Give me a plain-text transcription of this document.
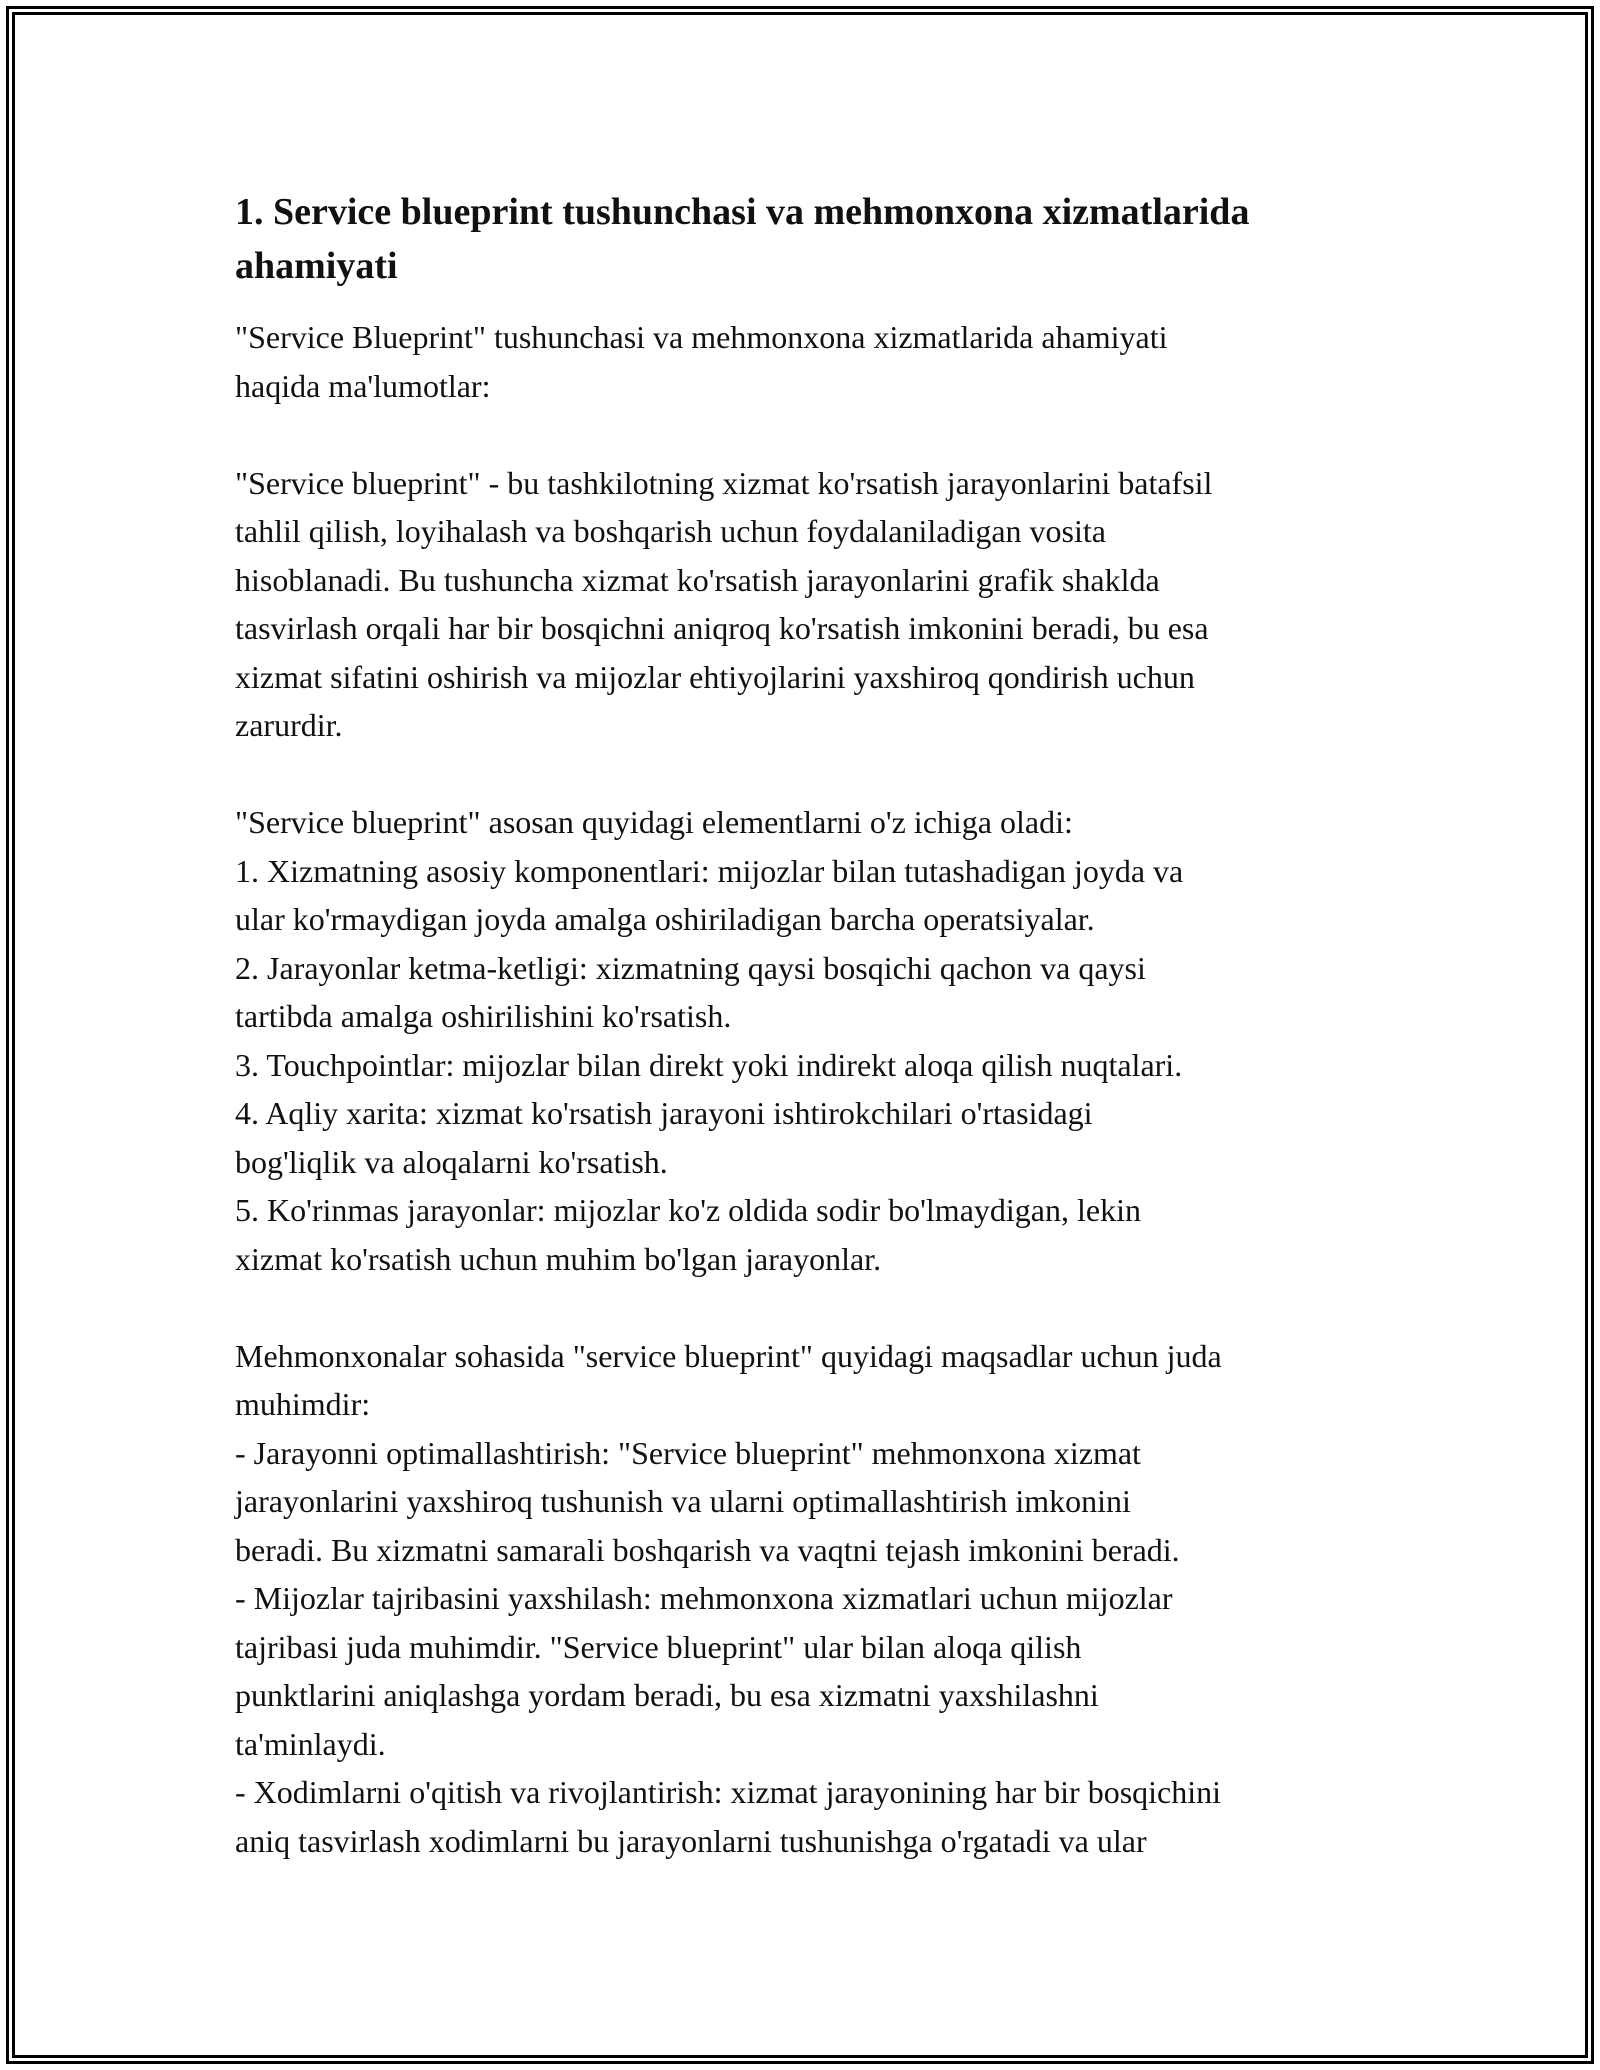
1. Service blueprint tushunchasi va mehmonxona xizmatlarida
ahamiyati
"Service Blueprint" tushunchasi va mehmonxona xizmatlarida ahamiyati
haqida ma'lumotlar:
"Service blueprint" - bu tashkilotning xizmat ko'rsatish jarayonlarini batafsil
tahlil qilish, loyihalash va boshqarish uchun foydalaniladigan vosita
hisoblanadi. Bu tushuncha xizmat ko'rsatish jarayonlarini grafik shaklda
tasvirlash orqali har bir bosqichni aniqroq ko'rsatish imkonini beradi, bu esa
xizmat sifatini oshirish va mijozlar ehtiyojlarini yaxshiroq qondirish uchun
zarurdir.
"Service blueprint" asosan quyidagi elementlarni o'z ichiga oladi:
1. Xizmatning asosiy komponentlari: mijozlar bilan tutashadigan joyda va
ular ko'rmaydigan joyda amalga oshiriladigan barcha operatsiyalar.
2. Jarayonlar ketma-ketligi: xizmatning qaysi bosqichi qachon va qaysi
tartibda amalga oshirilishini ko'rsatish.
3. Touchpointlar: mijozlar bilan direkt yoki indirekt aloqa qilish nuqtalari.
4. Aqliy xarita: xizmat ko'rsatish jarayoni ishtirokchilari o'rtasidagi
bog'liqlik va aloqalarni ko'rsatish.
5. Ko'rinmas jarayonlar: mijozlar ko'z oldida sodir bo'lmaydigan, lekin
xizmat ko'rsatish uchun muhim bo'lgan jarayonlar.
Mehmonxonalar sohasida "service blueprint" quyidagi maqsadlar uchun juda
muhimdir:
- Jarayonni optimallashtirish: "Service blueprint" mehmonxona xizmat
jarayonlarini yaxshiroq tushunish va ularni optimallashtirish imkonini
beradi. Bu xizmatni samarali boshqarish va vaqtni tejash imkonini beradi.
- Mijozlar tajribasini yaxshilash: mehmonxona xizmatlari uchun mijozlar
tajribasi juda muhimdir. "Service blueprint" ular bilan aloqa qilish
punktlarini aniqlashga yordam beradi, bu esa xizmatni yaxshilashni
ta'minlaydi.
- Xodimlarni o'qitish va rivojlantirish: xizmat jarayonining har bir bosqichini
aniq tasvirlash xodimlarni bu jarayonlarni tushunishga o'rgatadi va ular
